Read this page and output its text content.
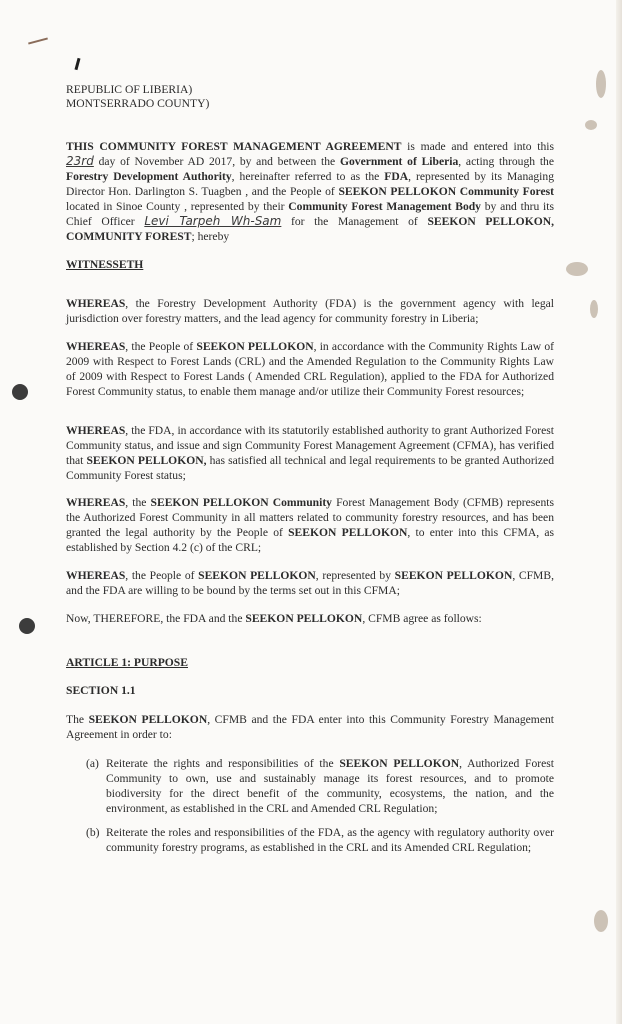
REPUBLIC OF LIBERIA)
MONTSERRADO COUNTY)
THIS COMMUNITY FOREST MANAGEMENT AGREEMENT is made and entered into this 23rd day of November AD 2017, by and between the Government of Liberia, acting through the Forestry Development Authority, hereinafter referred to as the FDA, represented by its Managing Director Hon. Darlington S. Tuagben , and the People of SEEKON PELLOKON Community Forest located in Sinoe County , represented by their Community Forest Management Body by and thru its Chief Officer Levi Tarpeh Wh-Sam for the Management of SEEKON PELLOKON, COMMUNITY FOREST; hereby
WITNESSETH
WHEREAS, the Forestry Development Authority (FDA) is the government agency with legal jurisdiction over forestry matters, and the lead agency for community forestry in Liberia;
WHEREAS, the People of SEEKON PELLOKON, in accordance with the Community Rights Law of 2009 with Respect to Forest Lands (CRL) and the Amended Regulation to the Community Rights Law of 2009 with Respect to Forest Lands ( Amended CRL Regulation), applied to the FDA for Authorized Forest Community status, to enable them manage and/or utilize their Community Forest resources;
WHEREAS, the FDA, in accordance with its statutorily established authority to grant Authorized Forest Community status, and issue and sign Community Forest Management Agreement (CFMA), has verified that SEEKON PELLOKON, has satisfied all technical and legal requirements to be granted Authorized Community Forest status;
WHEREAS, the SEEKON PELLOKON Community Forest Management Body (CFMB) represents the Authorized Forest Community in all matters related to community forestry resources, and has been granted the legal authority by the People of SEEKON PELLOKON, to enter into this CFMA, as established by Section 4.2 (c) of the CRL;
WHEREAS, the People of SEEKON PELLOKON, represented by SEEKON PELLOKON, CFMB, and the FDA are willing to be bound by the terms set out in this CFMA;
Now, THEREFORE, the FDA and the SEEKON PELLOKON, CFMB agree as follows:
ARTICLE 1: PURPOSE
SECTION 1.1
The SEEKON PELLOKON, CFMB and the FDA enter into this Community Forestry Management Agreement in order to:
(a) Reiterate the rights and responsibilities of the SEEKON PELLOKON, Authorized Forest Community to own, use and sustainably manage its forest resources, and to promote biodiversity for the direct benefit of the community, ecosystems, the nation, and the environment, as established in the CRL and Amended CRL Regulation;
(b) Reiterate the roles and responsibilities of the FDA, as the agency with regulatory authority over community forestry programs, as established in the CRL and its Amended CRL Regulation;
